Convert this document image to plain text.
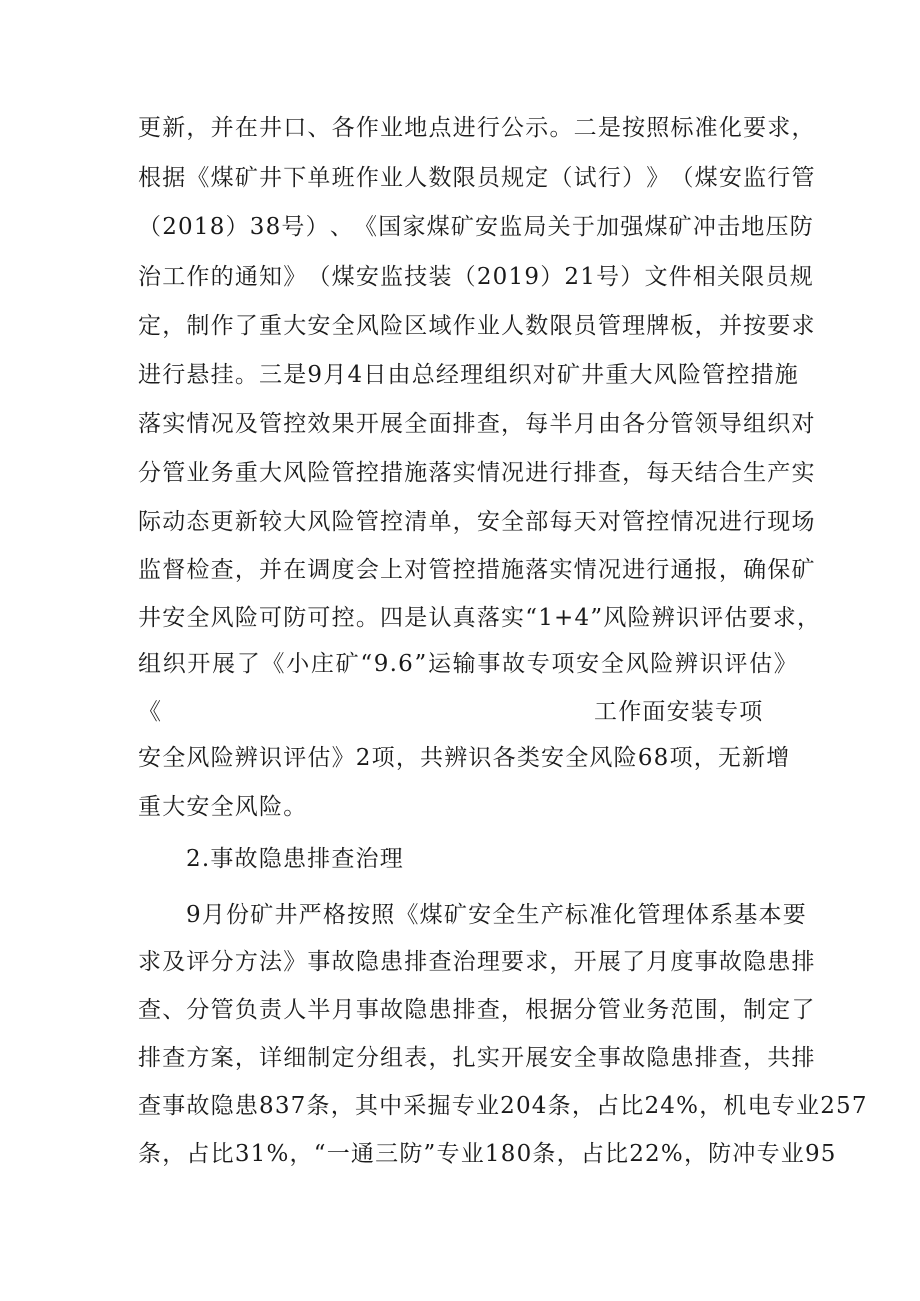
更 新 ， 并 在 井 口 、 各 作 业 地 点 进 行 公 示 。 二 是 按 照 标 准 化 要 求 ，
根 据 《 煤 矿 井 下 单 班 作 业 人 数 限 员 规 定 （ 试 行 ） 》 （ 煤 安 监 行 管
（ 2018 ） 38 号 ） 、 《 国 家 煤 矿 安 监 局 关 于 加 强 煤 矿 冲 击 地 压 防
治 工 作 的 通 知 》 （ 煤 安 监 技 装 （ 2019 ） 21 号 ） 文 件 相 关 限 员 规
定 ， 制 作 了 重 大 安 全 风 险 区 域 作 业 人 数 限 员 管 理 牌 板 ， 并 按 要 求
进 行 悬 挂 。 三 是 9 月 4 日 由 总 经 理 组 织 对 矿 井 重 大 风 险 管 控 措 施
落 实 情 况 及 管 控 效 果 开 展 全 面 排 查 ， 每 半 月 由 各 分 管 领 导 组 织 对
分 管 业 务 重 大 风 险 管 控 措 施 落 实 情 况 进 行 排 查 ， 每 天 结 合 生 产 实
际 动 态 更 新 较 大 风 险 管 控 清 单 ， 安 全 部 每 天 对 管 控 情 况 进 行 现 场
监 督 检 查 ， 并 在 调 度 会 上 对 管 控 措 施 落 实 情 况 进 行 通 报 ， 确 保 矿
井 安 全 风 险 可 防 可 控 。 四 是 认 真 落 实 “ 1+4 ” 风 险 辨 识 评 估 要 求 ，
组 织 开 展 了 《 小 庄 矿 “ 9.6 ” 运 输 事 故 专 项 安 全 风 险 辨 识 评 估 》
《	工作面安装专项
安全风险辨识评估》2项，共辨识各类安全风险68项，无新增
重大安全风险。
2.事故隐患排查治理
9 月 份 矿 井 严 格 按 照 《 煤 矿 安 全 生 产 标 准 化 管 理 体 系 基 本 要
求 及 评 分 方 法 》 事 故 隐 患 排 查 治 理 要 求 ， 开 展 了 月 度 事 故 隐 患 排
查 、 分 管 负 责 人 半 月 事 故 隐 患 排 查 ， 根 据 分 管 业 务 范 围 ， 制 定 了
排 查 方 案 ， 详 细 制 定 分 组 表 ， 扎 实 开 展 安 全 事 故 隐 患 排 查 ， 共 排
查 事 故 隐 患 837 条 ， 其 中 采 掘 专 业 204 条 ， 占 比 24% ， 机 电 专 业 257
条 ， 占 比 31% ， “ 一 通 三 防 ” 专 业 180 条 ， 占 比 22% ， 防 冲 专 业 95
